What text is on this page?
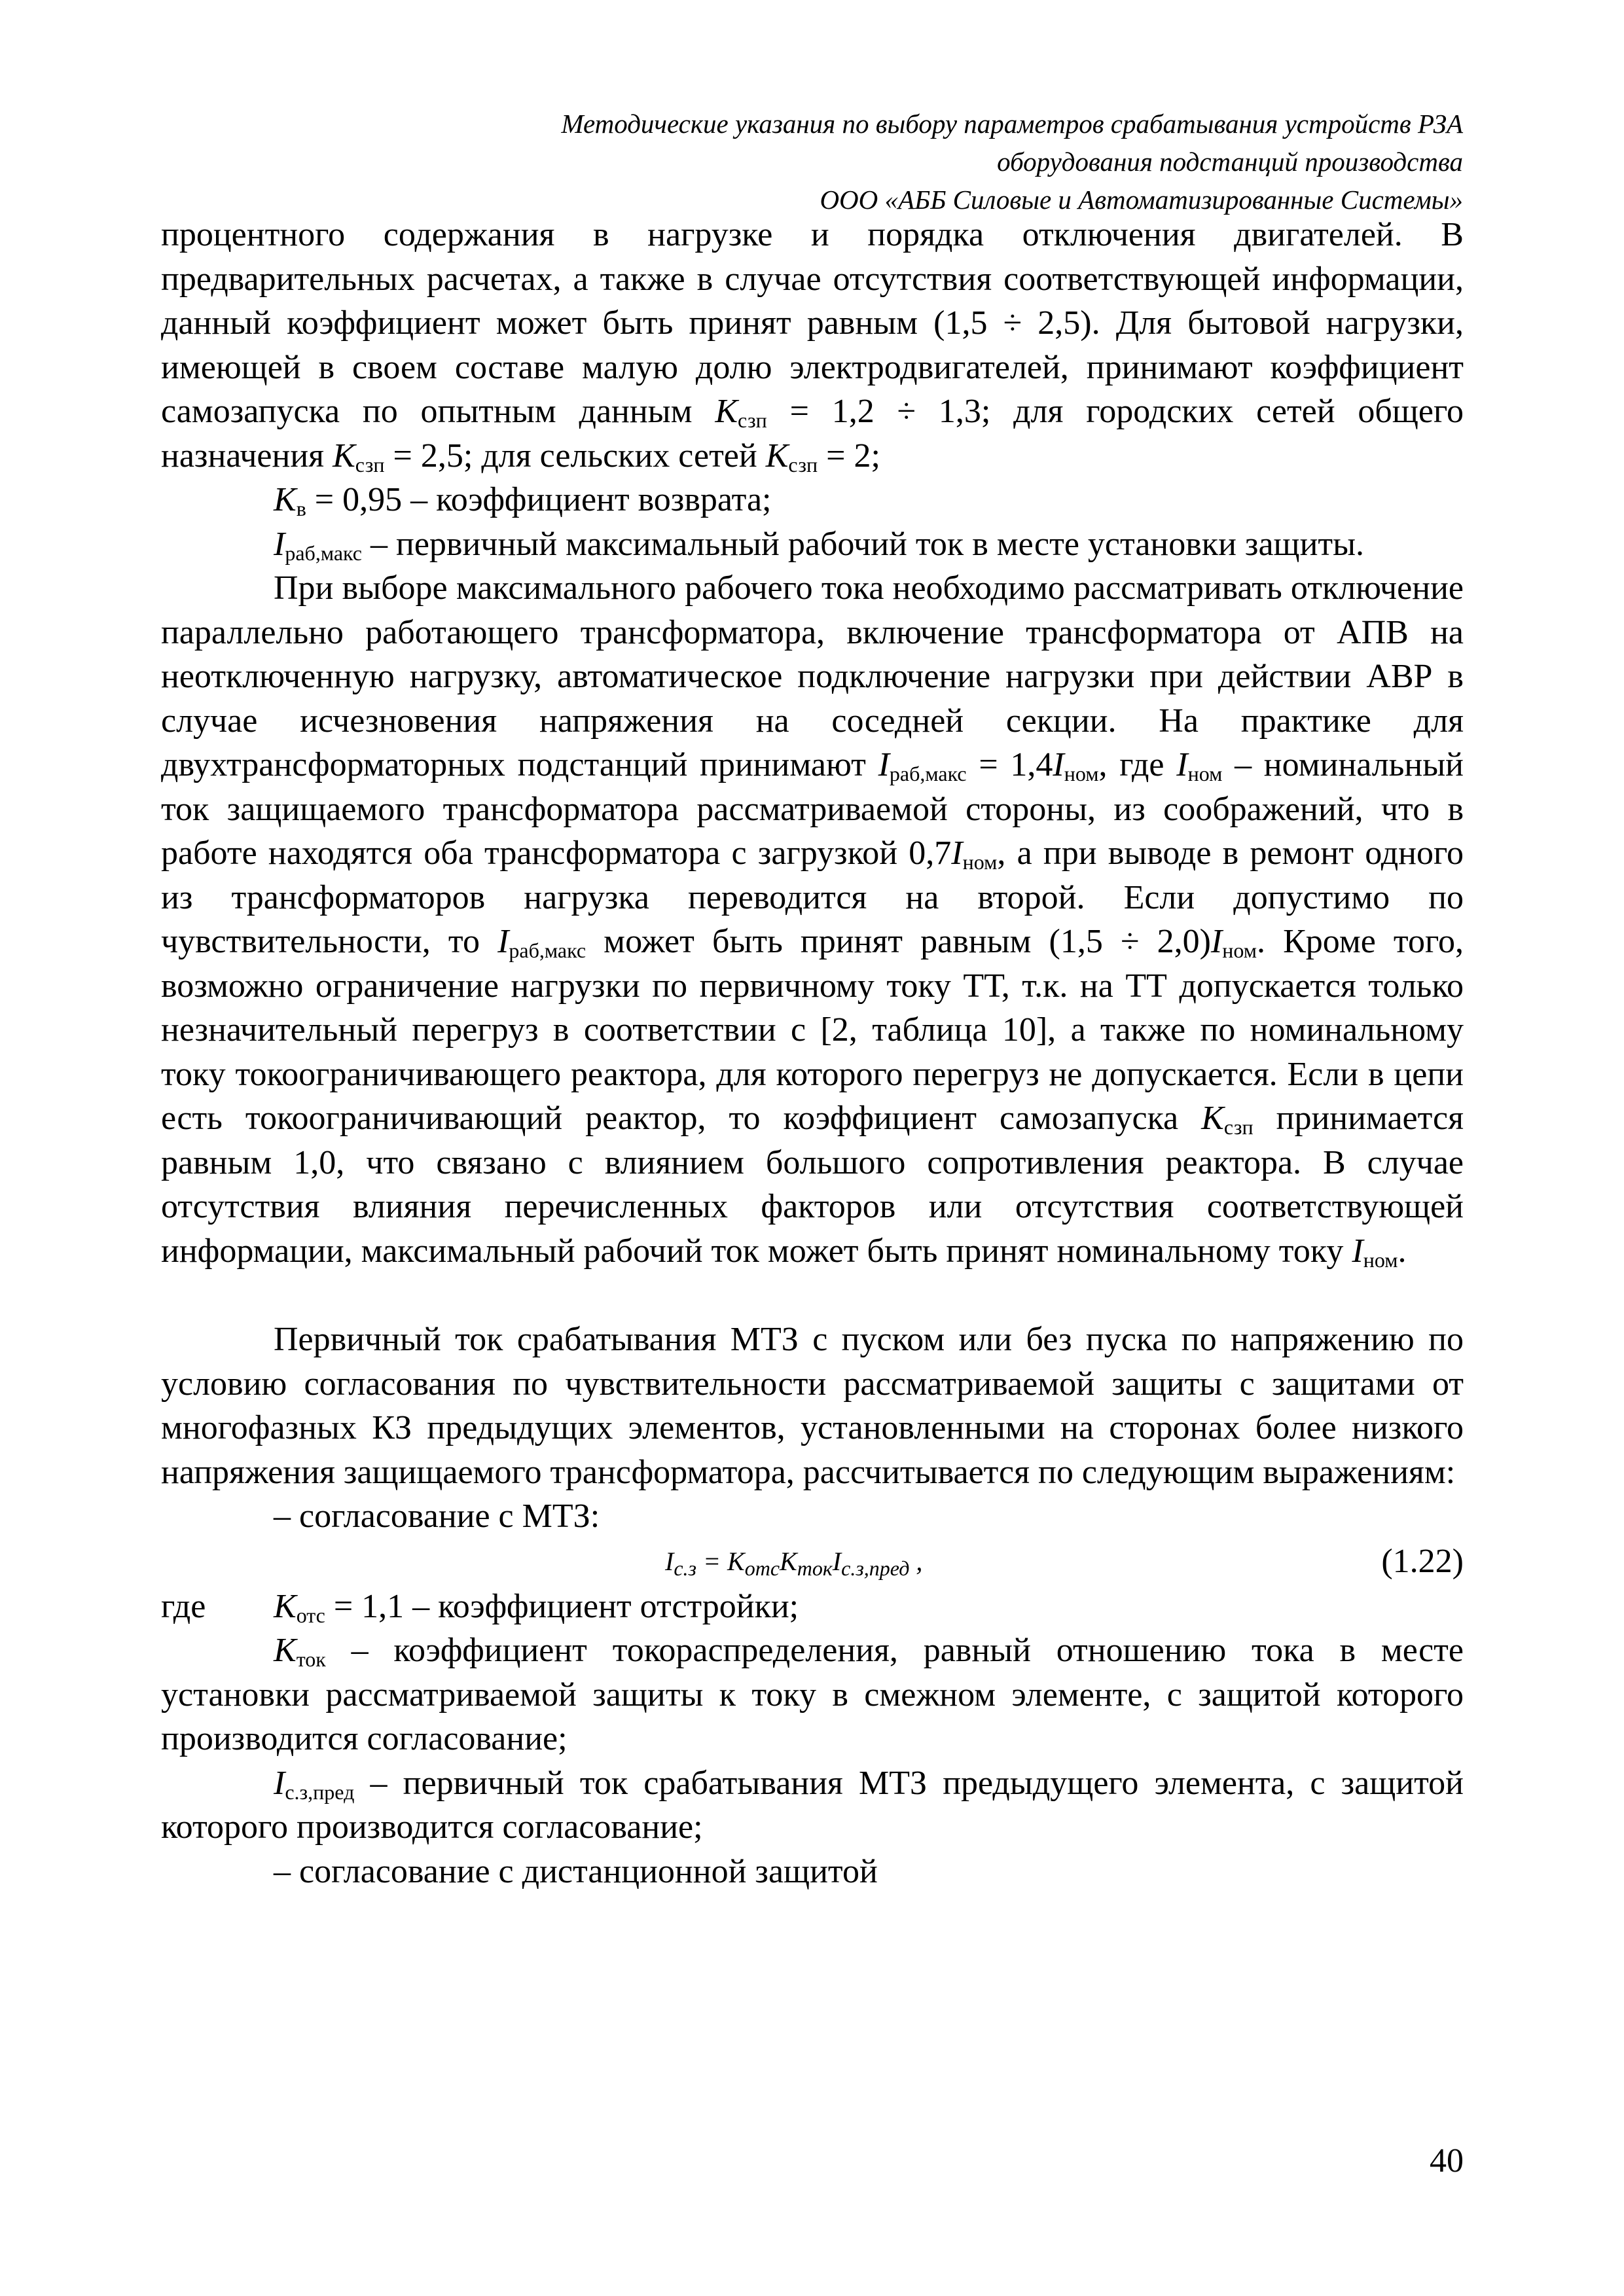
Методические указания по выбору параметров срабатывания устройств РЗА
оборудования подстанций производства
ООО «АББ Силовые и Автоматизированные Системы»

процентного содержания в нагрузке и порядка отключения двигателей. В предварительных расчетах, а также в случае отсутствия соответствующей информации, данный коэффициент может быть принят равным (1,5 ÷ 2,5). Для бытовой нагрузки, имеющей в своем составе малую долю электродвигателей, принимают коэффициент самозапуска по опытным данным $K_{сзп} = 1,2 \div 1,3$; для городских сетей общего назначения $K_{сзп} = 2,5$; для сельских сетей $K_{сзп} = 2$;

$K_в = 0,95$ – коэффициент возврата;

$I_{раб,макс}$ – первичный максимальный рабочий ток в месте установки защиты.

При выборе максимального рабочего тока необходимо рассматривать отключение параллельно работающего трансформатора, включение трансформатора от АПВ на неотключенную нагрузку, автоматическое подключение нагрузки при действии АВР в случае исчезновения напряжения на соседней секции. На практике для двухтрансформаторных подстанций принимают $I_{раб,макс} = 1,4I_{ном}$, где $I_{ном}$ – номинальный ток защищаемого трансформатора рассматриваемой стороны, из соображений, что в работе находятся оба трансформатора с загрузкой $0,7I_{ном}$, а при выводе в ремонт одного из трансформаторов нагрузка переводится на второй. Если допустимо по чувствительности, то $I_{раб,макс}$ может быть принят равным $(1,5 \div 2,0)I_{ном}$. Кроме того, возможно ограничение нагрузки по первичному току ТТ, т.к. на ТТ допускается только незначительный перегруз в соответствии с [2, таблица 10], а также по номинальному току токоограничивающего реактора, для которого перегруз не допускается. Если в цепи есть токоограничивающий реактор, то коэффициент самозапуска $K_{сзп}$ принимается равным 1,0, что связано с влиянием большого сопротивления реактора. В случае отсутствия влияния перечисленных факторов или отсутствия соответствующей информации, максимальный рабочий ток может быть принят номинальному току $I_{ном}$.

Первичный ток срабатывания МТЗ с пуском или без пуска по напряжению по условию согласования по чувствительности рассматриваемой защиты с защитами от многофазных КЗ предыдущих элементов, установленными на сторонах более низкого напряжения защищаемого трансформатора, рассчитывается по следующим выражениям:

– согласование с МТЗ:

$I_{с.з} = K_{отс}K_{ток}I_{с.з,пред}$ ,	(1.22)

где $K_{отс} = 1,1$ – коэффициент отстройки;

$K_{ток}$ – коэффициент токораспределения, равный отношению тока в месте установки рассматриваемой защиты к току в смежном элементе, с защитой которого производится согласование;

$I_{с.з,пред}$ – первичный ток срабатывания МТЗ предыдущего элемента, с защитой которого производится согласование;

– согласование с дистанционной защитой

40
